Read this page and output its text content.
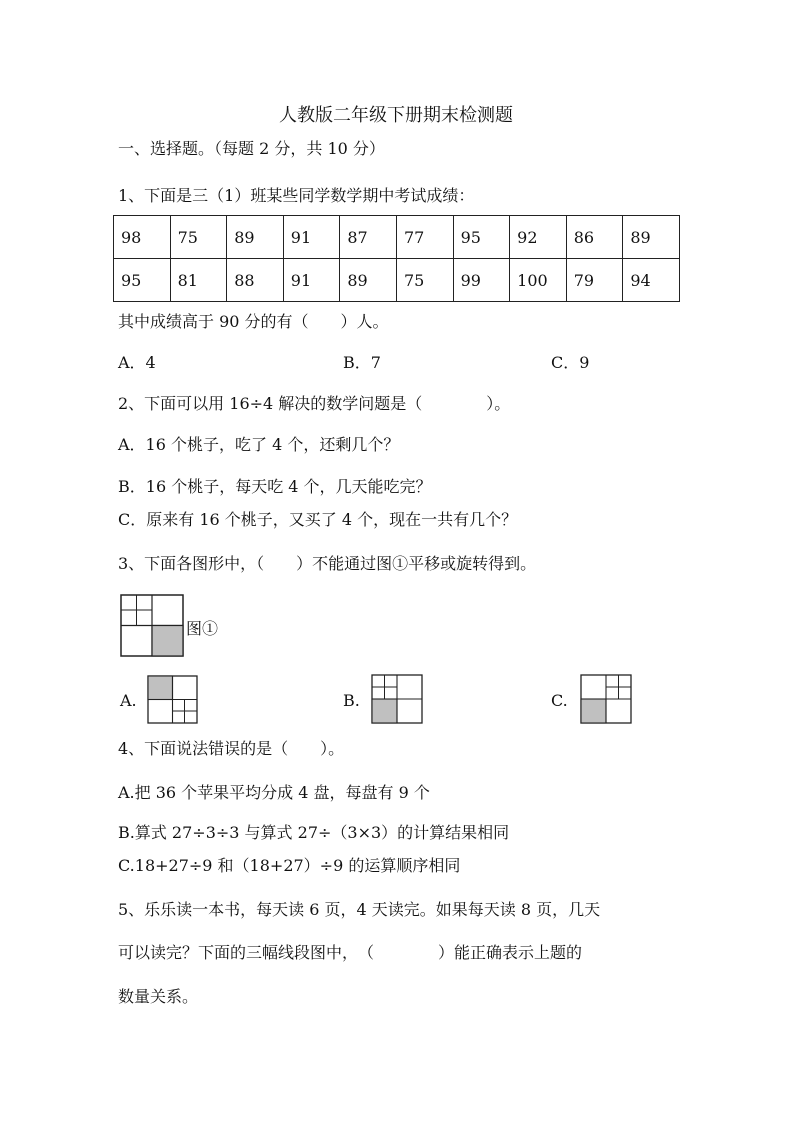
人教版二年级下册期末检测题
一、选择题。（每题 2 分，共 10 分）
1、下面是三（1）班某些同学数学期中考试成绩：
98	75	89	91	87	77	95	92	86	89
95	81	88	91	89	75	99	100	79	94
其中成绩高于 90 分的有（　　）人。
A．4	B．7	C．9
2、下面可以用 16÷4 解决的数学问题是（　　　　）。
A．16 个桃子，吃了 4 个，还剩几个？
B．16 个桃子，每天吃 4 个，几天能吃完？
C．原来有 16 个桃子，又买了 4 个，现在一共有几个？
3、下面各图形中，（　　）不能通过图①平移或旋转得到。
图①
A.	B.	C.
4、下面说法错误的是（　　）。
A.把 36 个苹果平均分成 4 盘，每盘有 9 个
B.算式 27÷3÷3 与算式 27÷（3×3）的计算结果相同
C.18+27÷9 和（18+27）÷9 的运算顺序相同
5、乐乐读一本书，每天读 6 页，4 天读完。如果每天读 8 页，几天
可以读完？下面的三幅线段图中，　（　　　　）能正确表示上题的
数量关系。
